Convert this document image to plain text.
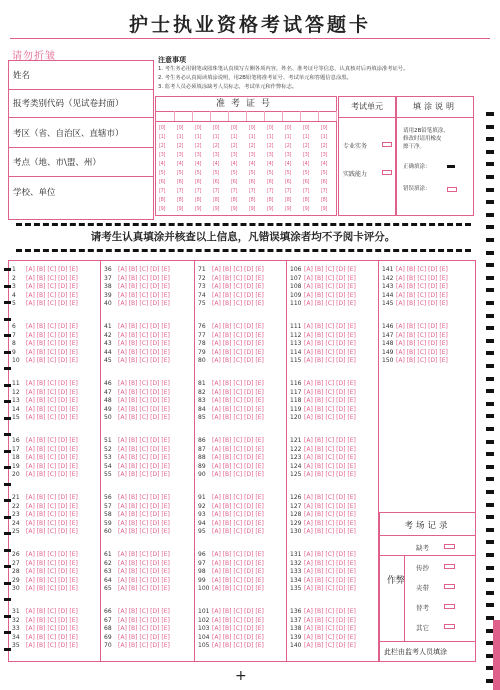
护士执业资格考试答题卡
请勿折皱
姓名
报考类别代码（见试卷封面）
考区（省、自治区、直辖市）
考点（地、市\盟、州）
学校、单位
注意事项
1. 考生务必用钢笔或圆珠笔认真填写左侧各项内容，姓名、准考证号等信息，认真核对后再填涂准考证号。
2. 考生务必认真阅读填涂说明，用2B铅笔将准考证号、考试单元和答题信息涂黑。
3. 监考人员必须填涂缺考人员标志，考试单元和作弊标志。
准考证号
[0]
[1]
[2]
[3]
[4]
[5]
[6]
[7]
[8]
[9]
[0]
[1]
[2]
[3]
[4]
[5]
[6]
[7]
[8]
[9]
[0]
[1]
[2]
[3]
[4]
[5]
[6]
[7]
[8]
[9]
[0]
[1]
[2]
[3]
[4]
[5]
[6]
[7]
[8]
[9]
[0]
[1]
[2]
[3]
[4]
[5]
[6]
[7]
[8]
[9]
[0]
[1]
[2]
[3]
[4]
[5]
[6]
[7]
[8]
[9]
[0]
[1]
[2]
[3]
[4]
[5]
[6]
[7]
[8]
[9]
[0]
[1]
[2]
[3]
[4]
[5]
[6]
[7]
[8]
[9]
[0]
[1]
[2]
[3]
[4]
[5]
[6]
[7]
[8]
[9]
[0]
[1]
[2]
[3]
[4]
[5]
[6]
[7]
[8]
[9]
考试单元
专业实务
实践能力
填涂说明
请用2B铅笔填涂，
修改时请用橡皮
擦干净。
正确填涂：
错误填涂：
请考生认真填涂并核查以上信息，凡错误填涂者均不予阅卡评分。
1 [A] [B] [C] [D] [E]
2 [A] [B] [C] [D] [E]
3 [A] [B] [C] [D] [E]
4 [A] [B] [C] [D] [E]
5 [A] [B] [C] [D] [E]
6 [A] [B] [C] [D] [E]
7 [A] [B] [C] [D] [E]
8 [A] [B] [C] [D] [E]
9 [A] [B] [C] [D] [E]
10 [A] [B] [C] [D] [E]
11 [A] [B] [C] [D] [E]
12 [A] [B] [C] [D] [E]
13 [A] [B] [C] [D] [E]
14 [A] [B] [C] [D] [E]
15 [A] [B] [C] [D] [E]
16 [A] [B] [C] [D] [E]
17 [A] [B] [C] [D] [E]
18 [A] [B] [C] [D] [E]
19 [A] [B] [C] [D] [E]
20 [A] [B] [C] [D] [E]
21 [A] [B] [C] [D] [E]
22 [A] [B] [C] [D] [E]
23 [A] [B] [C] [D] [E]
24 [A] [B] [C] [D] [E]
25 [A] [B] [C] [D] [E]
26 [A] [B] [C] [D] [E]
27 [A] [B] [C] [D] [E]
28 [A] [B] [C] [D] [E]
29 [A] [B] [C] [D] [E]
30 [A] [B] [C] [D] [E]
31 [A] [B] [C] [D] [E]
32 [A] [B] [C] [D] [E]
33 [A] [B] [C] [D] [E]
34 [A] [B] [C] [D] [E]
35 [A] [B] [C] [D] [E]
36 [A] [B] [C] [D] [E]
37 [A] [B] [C] [D] [E]
38 [A] [B] [C] [D] [E]
39 [A] [B] [C] [D] [E]
40 [A] [B] [C] [D] [E]
41 [A] [B] [C] [D] [E]
42 [A] [B] [C] [D] [E]
43 [A] [B] [C] [D] [E]
44 [A] [B] [C] [D] [E]
45 [A] [B] [C] [D] [E]
46 [A] [B] [C] [D] [E]
47 [A] [B] [C] [D] [E]
48 [A] [B] [C] [D] [E]
49 [A] [B] [C] [D] [E]
50 [A] [B] [C] [D] [E]
51 [A] [B] [C] [D] [E]
52 [A] [B] [C] [D] [E]
53 [A] [B] [C] [D] [E]
54 [A] [B] [C] [D] [E]
55 [A] [B] [C] [D] [E]
56 [A] [B] [C] [D] [E]
57 [A] [B] [C] [D] [E]
58 [A] [B] [C] [D] [E]
59 [A] [B] [C] [D] [E]
60 [A] [B] [C] [D] [E]
61 [A] [B] [C] [D] [E]
62 [A] [B] [C] [D] [E]
63 [A] [B] [C] [D] [E]
64 [A] [B] [C] [D] [E]
65 [A] [B] [C] [D] [E]
66 [A] [B] [C] [D] [E]
67 [A] [B] [C] [D] [E]
68 [A] [B] [C] [D] [E]
69 [A] [B] [C] [D] [E]
70 [A] [B] [C] [D] [E]
71 [A] [B] [C] [D] [E]
72 [A] [B] [C] [D] [E]
73 [A] [B] [C] [D] [E]
74 [A] [B] [C] [D] [E]
75 [A] [B] [C] [D] [E]
76 [A] [B] [C] [D] [E]
77 [A] [B] [C] [D] [E]
78 [A] [B] [C] [D] [E]
79 [A] [B] [C] [D] [E]
80 [A] [B] [C] [D] [E]
81 [A] [B] [C] [D] [E]
82 [A] [B] [C] [D] [E]
83 [A] [B] [C] [D] [E]
84 [A] [B] [C] [D] [E]
85 [A] [B] [C] [D] [E]
86 [A] [B] [C] [D] [E]
87 [A] [B] [C] [D] [E]
88 [A] [B] [C] [D] [E]
89 [A] [B] [C] [D] [E]
90 [A] [B] [C] [D] [E]
91 [A] [B] [C] [D] [E]
92 [A] [B] [C] [D] [E]
93 [A] [B] [C] [D] [E]
94 [A] [B] [C] [D] [E]
95 [A] [B] [C] [D] [E]
96 [A] [B] [C] [D] [E]
97 [A] [B] [C] [D] [E]
98 [A] [B] [C] [D] [E]
99 [A] [B] [C] [D] [E]
100 [A] [B] [C] [D] [E]
101 [A] [B] [C] [D] [E]
102 [A] [B] [C] [D] [E]
103 [A] [B] [C] [D] [E]
104 [A] [B] [C] [D] [E]
105 [A] [B] [C] [D] [E]
106 [A] [B] [C] [D] [E]
107 [A] [B] [C] [D] [E]
108 [A] [B] [C] [D] [E]
109 [A] [B] [C] [D] [E]
110 [A] [B] [C] [D] [E]
111 [A] [B] [C] [D] [E]
112 [A] [B] [C] [D] [E]
113 [A] [B] [C] [D] [E]
114 [A] [B] [C] [D] [E]
115 [A] [B] [C] [D] [E]
116 [A] [B] [C] [D] [E]
117 [A] [B] [C] [D] [E]
118 [A] [B] [C] [D] [E]
119 [A] [B] [C] [D] [E]
120 [A] [B] [C] [D] [E]
121 [A] [B] [C] [D] [E]
122 [A] [B] [C] [D] [E]
123 [A] [B] [C] [D] [E]
124 [A] [B] [C] [D] [E]
125 [A] [B] [C] [D] [E]
126 [A] [B] [C] [D] [E]
127 [A] [B] [C] [D] [E]
128 [A] [B] [C] [D] [E]
129 [A] [B] [C] [D] [E]
130 [A] [B] [C] [D] [E]
131 [A] [B] [C] [D] [E]
132 [A] [B] [C] [D] [E]
133 [A] [B] [C] [D] [E]
134 [A] [B] [C] [D] [E]
135 [A] [B] [C] [D] [E]
136 [A] [B] [C] [D] [E]
137 [A] [B] [C] [D] [E]
138 [A] [B] [C] [D] [E]
139 [A] [B] [C] [D] [E]
140 [A] [B] [C] [D] [E]
141 [A] [B] [C] [D] [E]
142 [A] [B] [C] [D] [E]
143 [A] [B] [C] [D] [E]
144 [A] [B] [C] [D] [E]
145 [A] [B] [C] [D] [E]
146 [A] [B] [C] [D] [E]
147 [A] [B] [C] [D] [E]
148 [A] [B] [C] [D] [E]
149 [A] [B] [C] [D] [E]
150 [A] [B] [C] [D] [E]
考场记录
缺考
作弊
传抄
夹带
替考
其它
此栏由监考人员填涂
+
